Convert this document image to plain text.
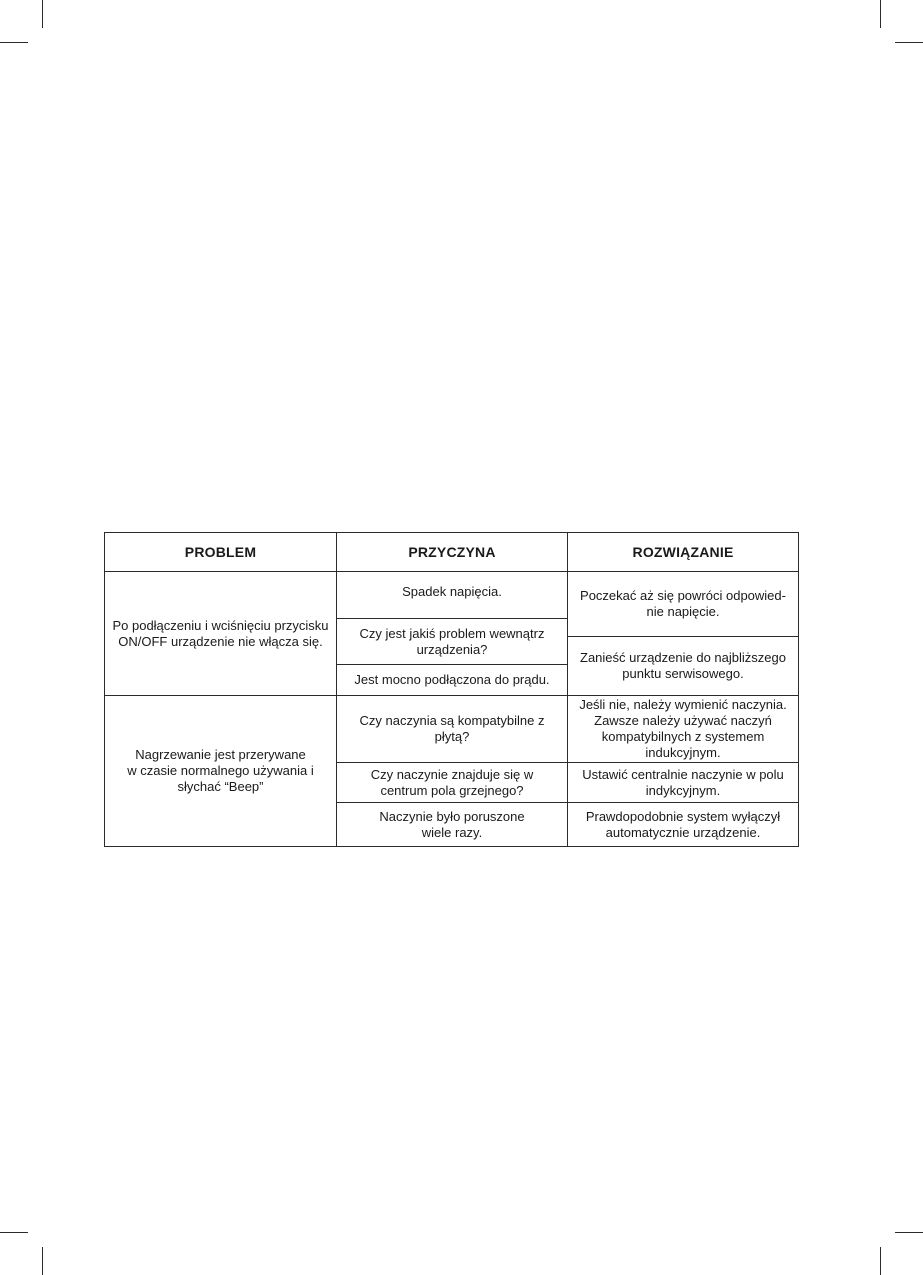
PROBLEM	PRZYCZYNA	ROZWIĄZANIE
Po podłączeniu i wciśnięciu przycisku
ON/OFF urządzenie nie włącza się.
Spadek napięcia.
Czy jest jakiś problem wewnątrz
urządzenia?
Jest mocno podłączona do prądu.
Poczekać aż się powróci odpowied-
nie napięcie.
Zanieść urządzenie do najbliższego
punktu serwisowego.
Nagrzewanie jest przerywane
w czasie normalnego używania i
słychać “Beep”
Czy naczynia są kompatybilne z
płytą?
Czy naczynie znajduje się w
centrum pola grzejnego?
Naczynie było poruszone
wiele razy.
Jeśli nie, należy wymienić naczynia.
Zawsze należy używać naczyń
kompatybilnych z systemem
indukcyjnym.
Ustawić centralnie naczynie w polu
indykcyjnym.
Prawdopodobnie system wyłączył
automatycznie urządzenie.
